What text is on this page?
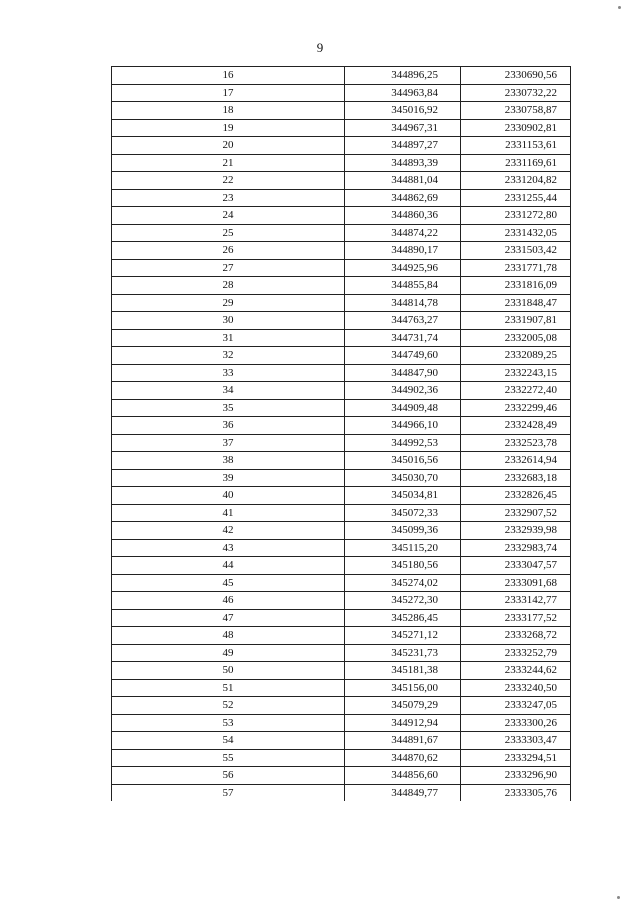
9
16	344896,25	2330690,56
17	344963,84	2330732,22
18	345016,92	2330758,87
19	344967,31	2330902,81
20	344897,27	2331153,61
21	344893,39	2331169,61
22	344881,04	2331204,82
23	344862,69	2331255,44
24	344860,36	2331272,80
25	344874,22	2331432,05
26	344890,17	2331503,42
27	344925,96	2331771,78
28	344855,84	2331816,09
29	344814,78	2331848,47
30	344763,27	2331907,81
31	344731,74	2332005,08
32	344749,60	2332089,25
33	344847,90	2332243,15
34	344902,36	2332272,40
35	344909,48	2332299,46
36	344966,10	2332428,49
37	344992,53	2332523,78
38	345016,56	2332614,94
39	345030,70	2332683,18
40	345034,81	2332826,45
41	345072,33	2332907,52
42	345099,36	2332939,98
43	345115,20	2332983,74
44	345180,56	2333047,57
45	345274,02	2333091,68
46	345272,30	2333142,77
47	345286,45	2333177,52
48	345271,12	2333268,72
49	345231,73	2333252,79
50	345181,38	2333244,62
51	345156,00	2333240,50
52	345079,29	2333247,05
53	344912,94	2333300,26
54	344891,67	2333303,47
55	344870,62	2333294,51
56	344856,60	2333296,90
57	344849,77	2333305,76
